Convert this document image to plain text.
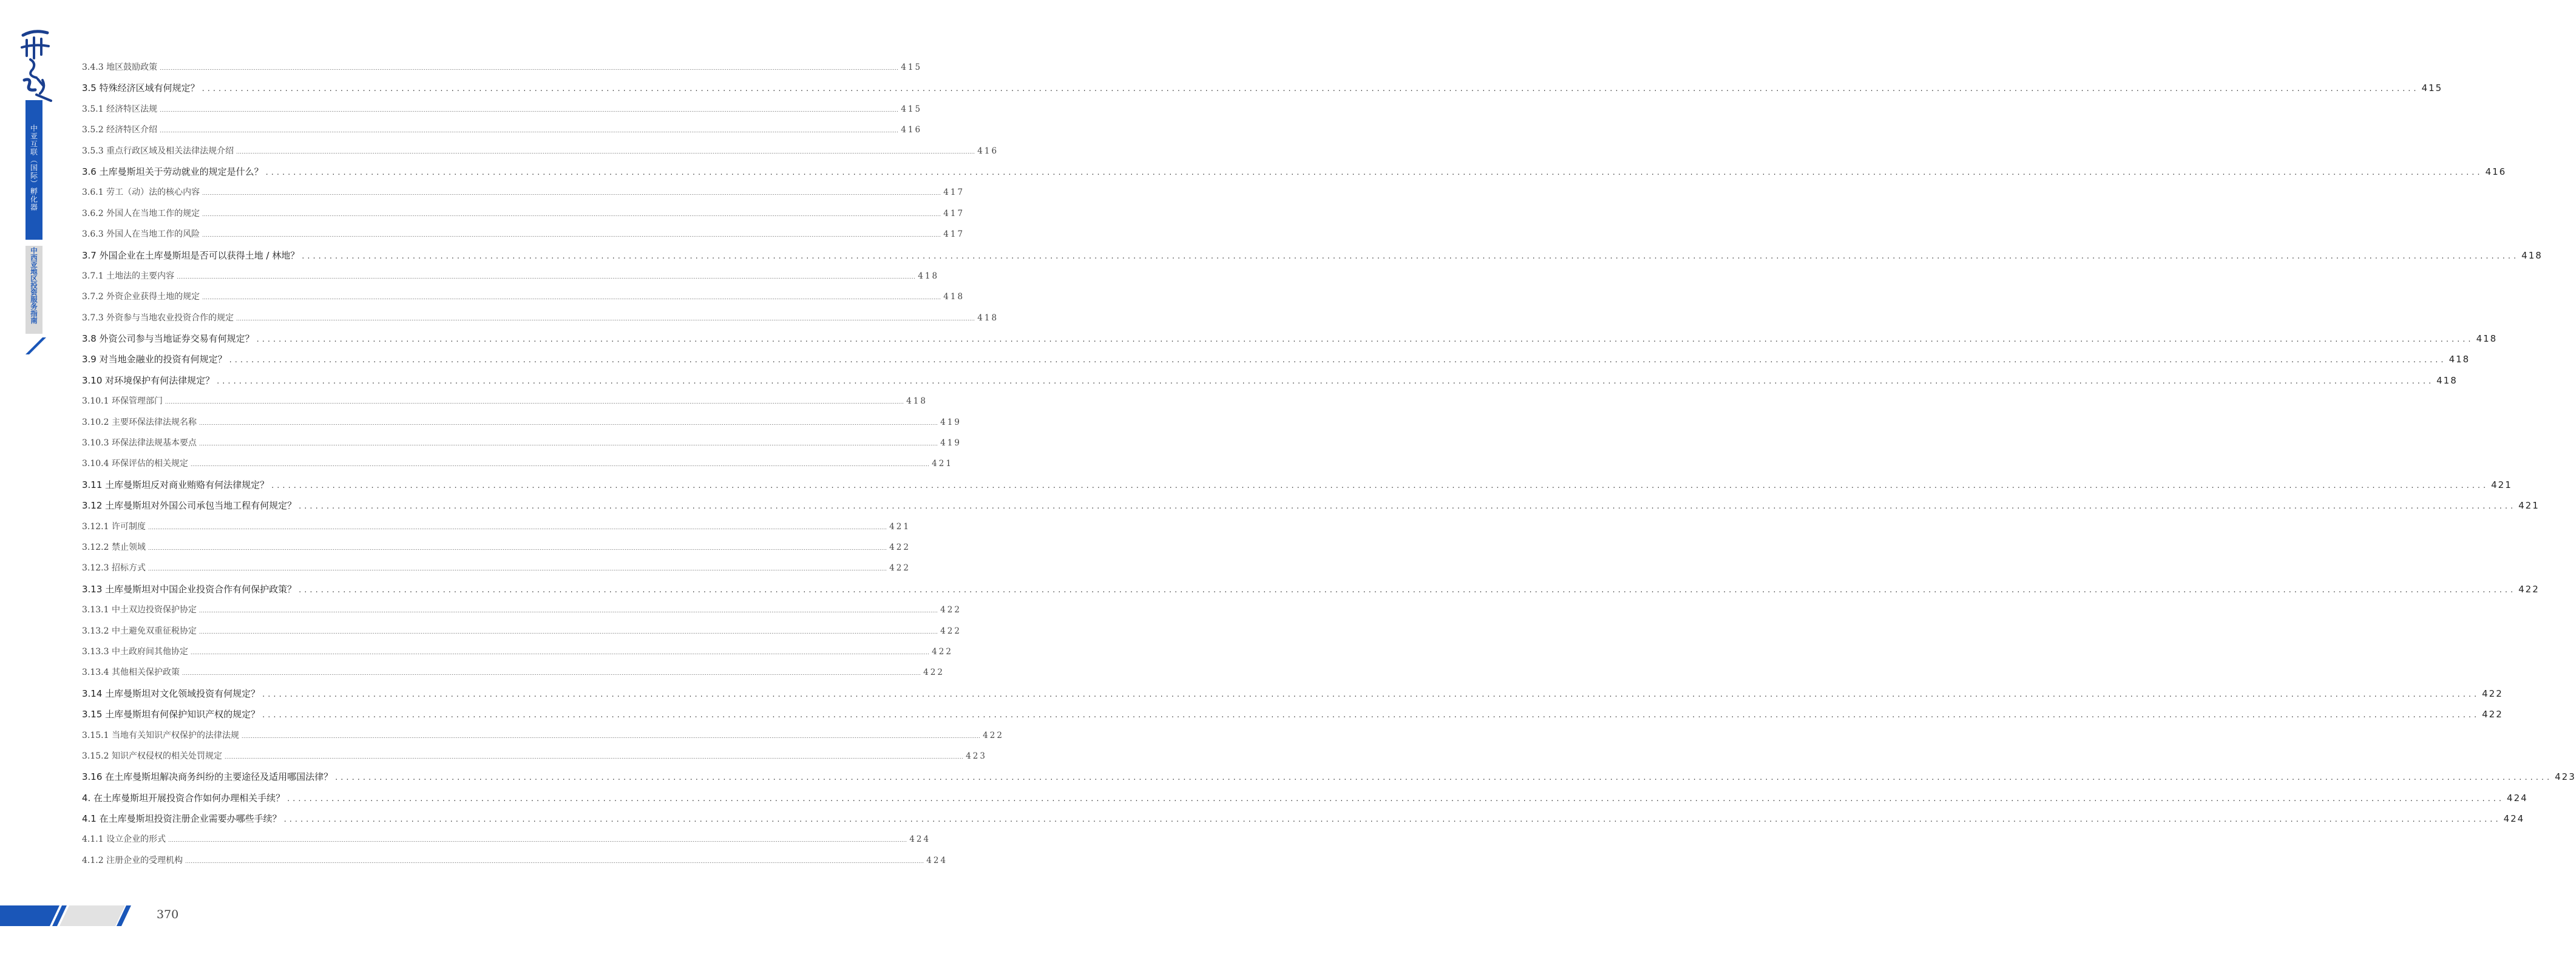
中亚互联（国际）孵化器
中西亚地区投资服务指南
3.4.3 地区鼓励政策 ................................................................................................................................................................................................................................................................................................................................................................................................................ 415
3.5 特殊经济区域有何规定？ ................................................................................................................................................................................................................................................................................................................................................................................................................ 415
3.5.1 经济特区法规 ................................................................................................................................................................................................................................................................................................................................................................................................................ 415
3.5.2 经济特区介绍 ................................................................................................................................................................................................................................................................................................................................................................................................................ 416
3.5.3 重点行政区域及相关法律法规介绍 ................................................................................................................................................................................................................................................................................................................................................................................................................ 416
3.6 土库曼斯坦关于劳动就业的规定是什么？ ................................................................................................................................................................................................................................................................................................................................................................................................................ 416
3.6.1 劳工（动）法的核心内容 ................................................................................................................................................................................................................................................................................................................................................................................................................ 417
3.6.2 外国人在当地工作的规定 ................................................................................................................................................................................................................................................................................................................................................................................................................ 417
3.6.3 外国人在当地工作的风险 ................................................................................................................................................................................................................................................................................................................................................................................................................ 417
3.7 外国企业在土库曼斯坦是否可以获得土地 / 林地？ ................................................................................................................................................................................................................................................................................................................................................................................................................ 418
3.7.1 土地法的主要内容 ................................................................................................................................................................................................................................................................................................................................................................................................................ 418
3.7.2 外资企业获得土地的规定 ................................................................................................................................................................................................................................................................................................................................................................................................................ 418
3.7.3 外资参与当地农业投资合作的规定 ................................................................................................................................................................................................................................................................................................................................................................................................................ 418
3.8 外资公司参与当地证券交易有何规定？ ................................................................................................................................................................................................................................................................................................................................................................................................................ 418
3.9 对当地金融业的投资有何规定？ ................................................................................................................................................................................................................................................................................................................................................................................................................ 418
3.10 对环境保护有何法律规定？ ................................................................................................................................................................................................................................................................................................................................................................................................................ 418
3.10.1 环保管理部门 ................................................................................................................................................................................................................................................................................................................................................................................................................ 418
3.10.2 主要环保法律法规名称 ................................................................................................................................................................................................................................................................................................................................................................................................................ 419
3.10.3 环保法律法规基本要点 ................................................................................................................................................................................................................................................................................................................................................................................................................ 419
3.10.4 环保评估的相关规定 ................................................................................................................................................................................................................................................................................................................................................................................................................ 421
3.11 土库曼斯坦反对商业贿赂有何法律规定？ ................................................................................................................................................................................................................................................................................................................................................................................................................ 421
3.12 土库曼斯坦对外国公司承包当地工程有何规定？ ................................................................................................................................................................................................................................................................................................................................................................................................................ 421
3.12.1 许可制度 ................................................................................................................................................................................................................................................................................................................................................................................................................ 421
3.12.2 禁止领域 ................................................................................................................................................................................................................................................................................................................................................................................................................ 422
3.12.3 招标方式 ................................................................................................................................................................................................................................................................................................................................................................................................................ 422
3.13 土库曼斯坦对中国企业投资合作有何保护政策？ ................................................................................................................................................................................................................................................................................................................................................................................................................ 422
3.13.1 中土双边投资保护协定 ................................................................................................................................................................................................................................................................................................................................................................................................................ 422
3.13.2 中土避免双重征税协定 ................................................................................................................................................................................................................................................................................................................................................................................................................ 422
3.13.3 中土政府间其他协定 ................................................................................................................................................................................................................................................................................................................................................................................................................ 422
3.13.4 其他相关保护政策 ................................................................................................................................................................................................................................................................................................................................................................................................................ 422
3.14 土库曼斯坦对文化领域投资有何规定？ ................................................................................................................................................................................................................................................................................................................................................................................................................ 422
3.15 土库曼斯坦有何保护知识产权的规定？ ................................................................................................................................................................................................................................................................................................................................................................................................................ 422
3.15.1 当地有关知识产权保护的法律法规 ................................................................................................................................................................................................................................................................................................................................................................................................................ 422
3.15.2 知识产权侵权的相关处罚规定 ................................................................................................................................................................................................................................................................................................................................................................................................................ 423
3.16 在土库曼斯坦解决商务纠纷的主要途径及适用哪国法律？ ................................................................................................................................................................................................................................................................................................................................................................................................................ 423
4. 在土库曼斯坦开展投资合作如何办理相关手续？ ................................................................................................................................................................................................................................................................................................................................................................................................................ 424
4.1 在土库曼斯坦投资注册企业需要办哪些手续？ ................................................................................................................................................................................................................................................................................................................................................................................................................ 424
4.1.1 设立企业的形式 ................................................................................................................................................................................................................................................................................................................................................................................................................ 424
4.1.2 注册企业的受理机构 ................................................................................................................................................................................................................................................................................................................................................................................................................ 424
370
